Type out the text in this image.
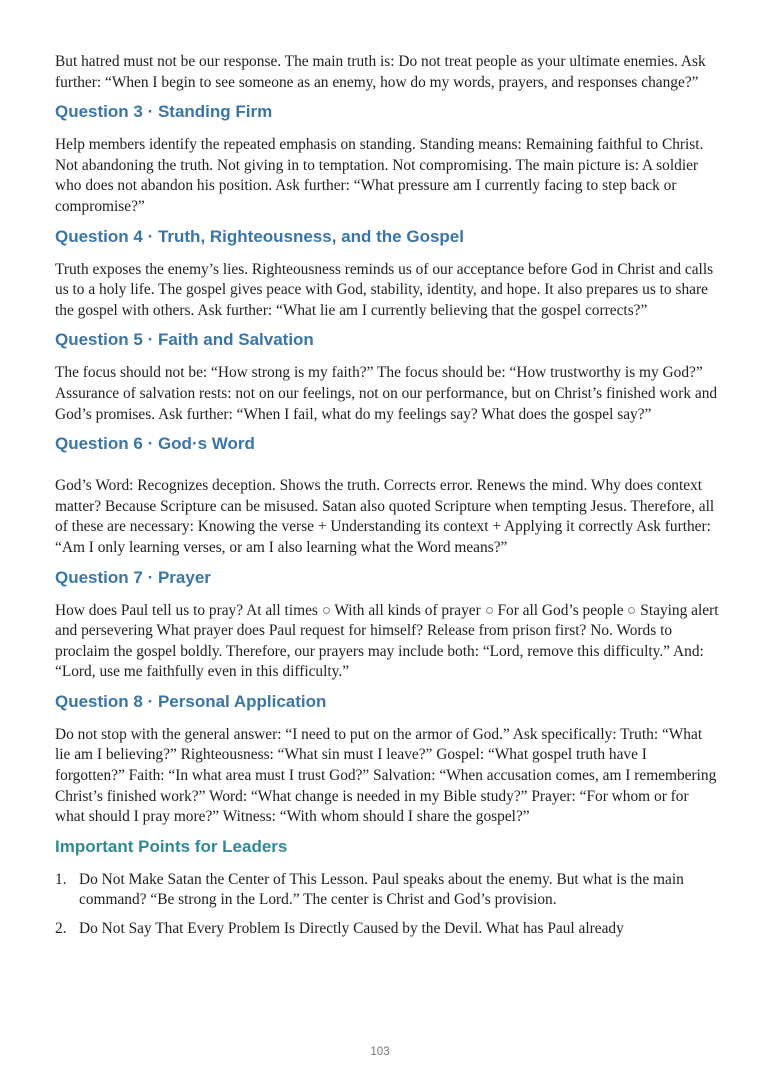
But hatred must not be our response. The main truth is: Do not treat people as your ultimate enemies. Ask further: “When I begin to see someone as an enemy, how do my words, prayers, and responses change?”

Question 3 · Standing Firm

Help members identify the repeated emphasis on standing. Standing means: Remaining faithful to Christ. Not abandoning the truth. Not giving in to temptation. Not compromising. The main picture is: A soldier who does not abandon his position. Ask further: “What pressure am I currently facing to step back or compromise?”

Question 4 · Truth, Righteousness, and the Gospel

Truth exposes the enemy’s lies. Righteousness reminds us of our acceptance before God in Christ and calls us to a holy life. The gospel gives peace with God, stability, identity, and hope. It also prepares us to share the gospel with others. Ask further: “What lie am I currently believing that the gospel corrects?”

Question 5 · Faith and Salvation

The focus should not be: “How strong is my faith?” The focus should be: “How trustworthy is my God?” Assurance of salvation rests: not on our feelings, not on our performance, but on Christ’s finished work and God’s promises. Ask further: “When I fail, what do my feelings say? What does the gospel say?”

Question 6 · God·s Word

God’s Word: Recognizes deception. Shows the truth. Corrects error. Renews the mind. Why does context matter? Because Scripture can be misused. Satan also quoted Scripture when tempting Jesus. Therefore, all of these are necessary: Knowing the verse + Understanding its context + Applying it correctly Ask further: “Am I only learning verses, or am I also learning what the Word means?”

Question 7 · Prayer

How does Paul tell us to pray? At all times With all kinds of prayer For all God’s people Staying alert and persevering What prayer does Paul request for himself? Release from prison first? No. Words to proclaim the gospel boldly. Therefore, our prayers may include both: “Lord, remove this difficulty.” And: “Lord, use me faithfully even in this difficulty.”

Question 8 · Personal Application

Do not stop with the general answer: “I need to put on the armor of God.” Ask specifically: Truth: “What lie am I believing?” Righteousness: “What sin must I leave?” Gospel: “What gospel truth have I forgotten?” Faith: “In what area must I trust God?” Salvation: “When accusation comes, am I remembering Christ’s finished work?” Word: “What change is needed in my Bible study?” Prayer: “For whom or for what should I pray more?” Witness: “With whom should I share the gospel?”

Important Points for Leaders
1. Do Not Make Satan the Center of This Lesson. Paul speaks about the enemy. But what is the main command? “Be strong in the Lord.” The center is Christ and God’s provision.
2. Do Not Say That Every Problem Is Directly Caused by the Devil. What has Paul already
103
